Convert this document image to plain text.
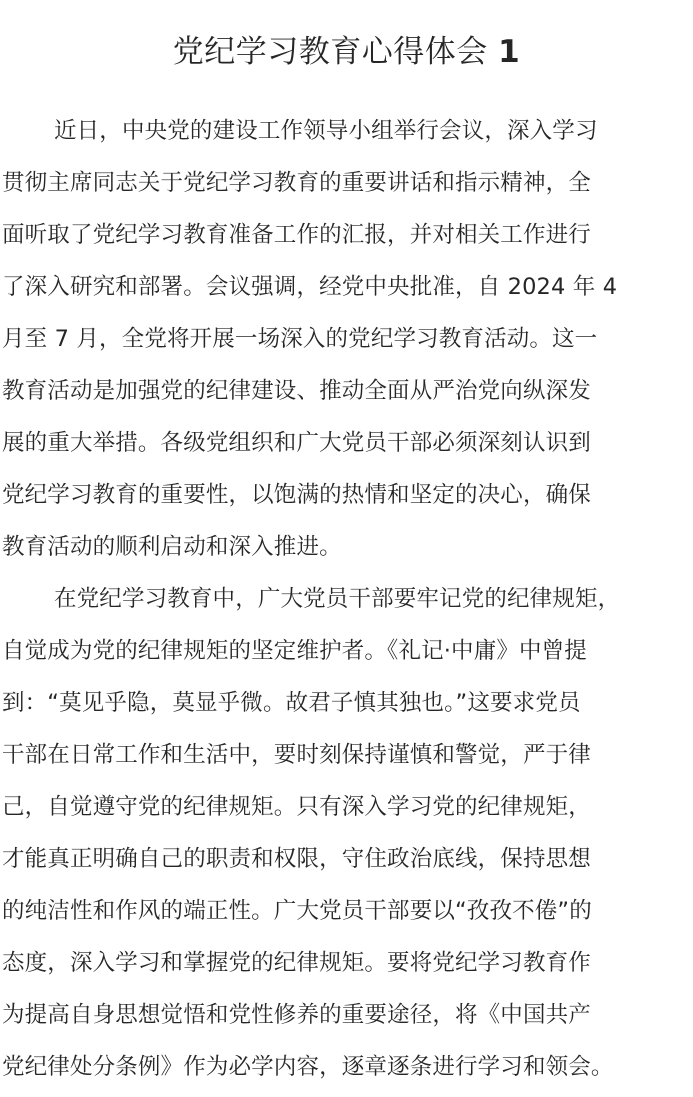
党纪学习教育心得体会 1
近日，中央党的建设工作领导小组举行会议，深入学习
贯彻主席同志关于党纪学习教育的重要讲话和指示精神，全
面听取了党纪学习教育准备工作的汇报，并对相关工作进行
了深入研究和部署。会议强调，经党中央批准，自 2024 年 4
月至 7 月，全党将开展一场深入的党纪学习教育活动。这一
教育活动是加强党的纪律建设、推动全面从严治党向纵深发
展的重大举措。各级党组织和广大党员干部必须深刻认识到
党纪学习教育的重要性，以饱满的热情和坚定的决心，确保
教育活动的顺利启动和深入推进。
在党纪学习教育中，广大党员干部要牢记党的纪律规矩，
自觉成为党的纪律规矩的坚定维护者。《礼记·中庸》中曾提
到：“莫见乎隐，莫显乎微。故君子慎其独也。”这要求党员
干部在日常工作和生活中，要时刻保持谨慎和警觉，严于律
己，自觉遵守党的纪律规矩。只有深入学习党的纪律规矩，
才能真正明确自己的职责和权限，守住政治底线，保持思想
的纯洁性和作风的端正性。广大党员干部要以“孜孜不倦”的
态度，深入学习和掌握党的纪律规矩。要将党纪学习教育作
为提高自身思想觉悟和党性修养的重要途径，将《中国共产
党纪律处分条例》作为必学内容，逐章逐条进行学习和领会。
